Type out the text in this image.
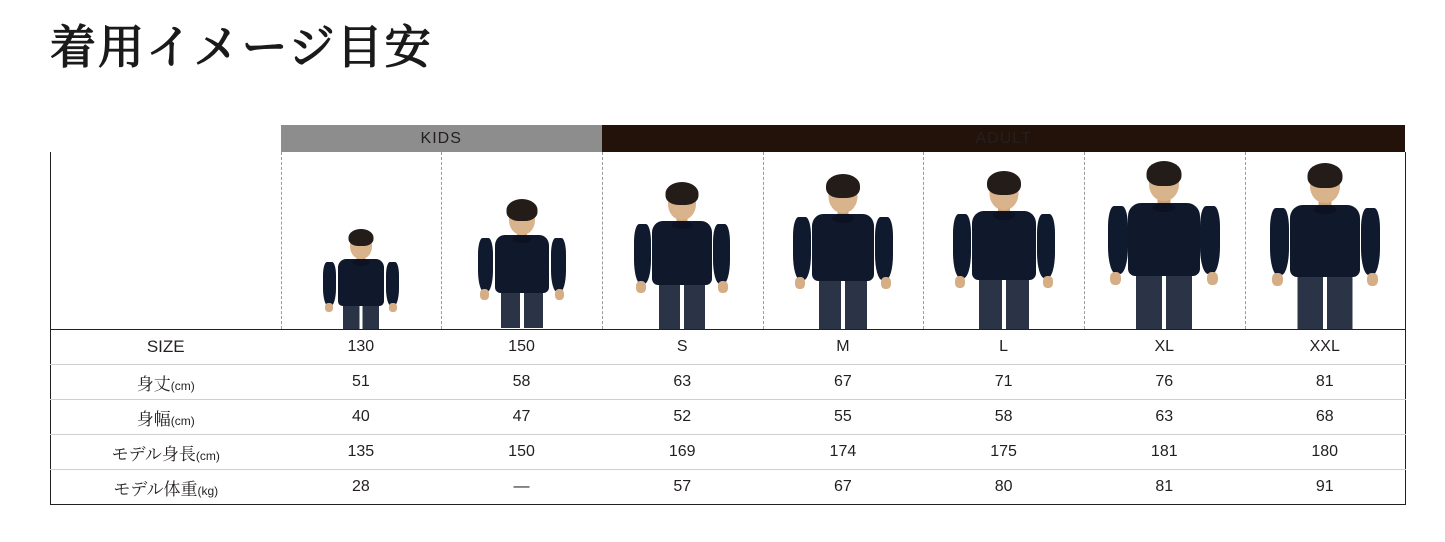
着用イメージ目安
	KIDS		ADULT				

SIZE	130	150	S	M	L	XL	XXL
身丈(cm)	51	58	63	67	71	76	81
身幅(cm)	40	47	52	55	58	63	68
モデル身長(cm)	135	150	169	174	175	181	180
モデル体重(kg)	28	—	57	67	80	81	91
